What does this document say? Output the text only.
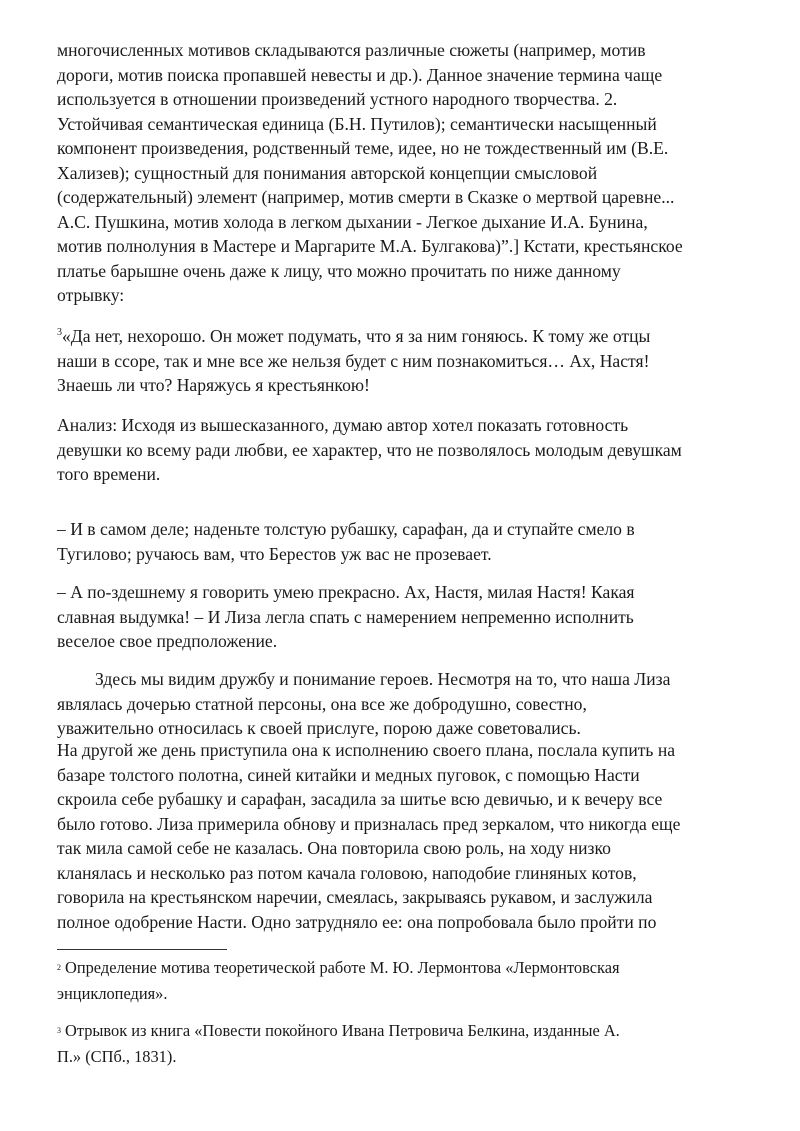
многочисленных мотивов складываются различные сюжеты (например, мотив
дороги, мотив поиска пропавшей невесты и др.). Данное значение термина чаще
используется в отношении произведений устного народного творчества. 2.
Устойчивая семантическая единица (Б.Н. Путилов); семантически насыщенный
компонент произведения, родственный теме, идее, но не тождественный им (В.Е.
Хализев); сущностный для понимания авторской концепции смысловой
(содержательный) элемент (например, мотив смерти в Сказке о мертвой царевне...
А.С. Пушкина, мотив холода в легком дыхании - Легкое дыхание И.А. Бунина,
мотив полнолуния в Мастере и Маргарите М.А. Булгакова)”.] Кстати, крестьянское
платье барышне очень даже к лицу, что можно прочитать по ниже данному
отрывку:
$^3$«Да нет, нехорошо. Он может подумать, что я за ним гоняюсь. К тому же отцы
наши в ссоре, так и мне все же нельзя будет с ним познакомиться… Ах, Настя!
Знаешь ли что? Наряжусь я крестьянкою!
Анализ: Исходя из вышесказанного, думаю автор хотел показать готовность
девушки ко всему ради любви, ее характер, что не позволялось молодым девушкам
того времени.
– И в самом деле; наденьте толстую рубашку, сарафан, да и ступайте смело в
Тугилово; ручаюсь вам, что Берестов уж вас не прозевает.
– А по-здешнему я говорить умею прекрасно. Ах, Настя, милая Настя! Какая
славная выдумка! – И Лиза легла спать с намерением непременно исполнить
веселое свое предположение.
Здесь мы видим дружбу и понимание героев. Несмотря на то, что наша Лиза
являлась дочерью статной персоны, она все же добродушно, совестно,
уважительно относилась к своей прислуге, порою даже советовались.
На другой же день приступила она к исполнению своего плана, послала купить на
базаре толстого полотна, синей китайки и медных пуговок, с помощью Насти
скроила себе рубашку и сарафан, засадила за шитье всю девичью, и к вечеру все
было готово. Лиза примерила обнову и призналась пред зеркалом, что никогда еще
так мила самой себе не казалась. Она повторила свою роль, на ходу низко
кланялась и несколько раз потом качала головою, наподобие глиняных котов,
говорила на крестьянском наречии, смеялась, закрываясь рукавом, и заслужила
полное одобрение Насти. Одно затрудняло ее: она попробовала было пройти по
2 Определение мотива теоретической работе М. Ю. Лермонтова «Лермонтовская
энциклопедия».
3 Отрывок из книга «Повести покойного Ивана Петровича Белкина, изданные А.
П.» (СПб., 1831).
